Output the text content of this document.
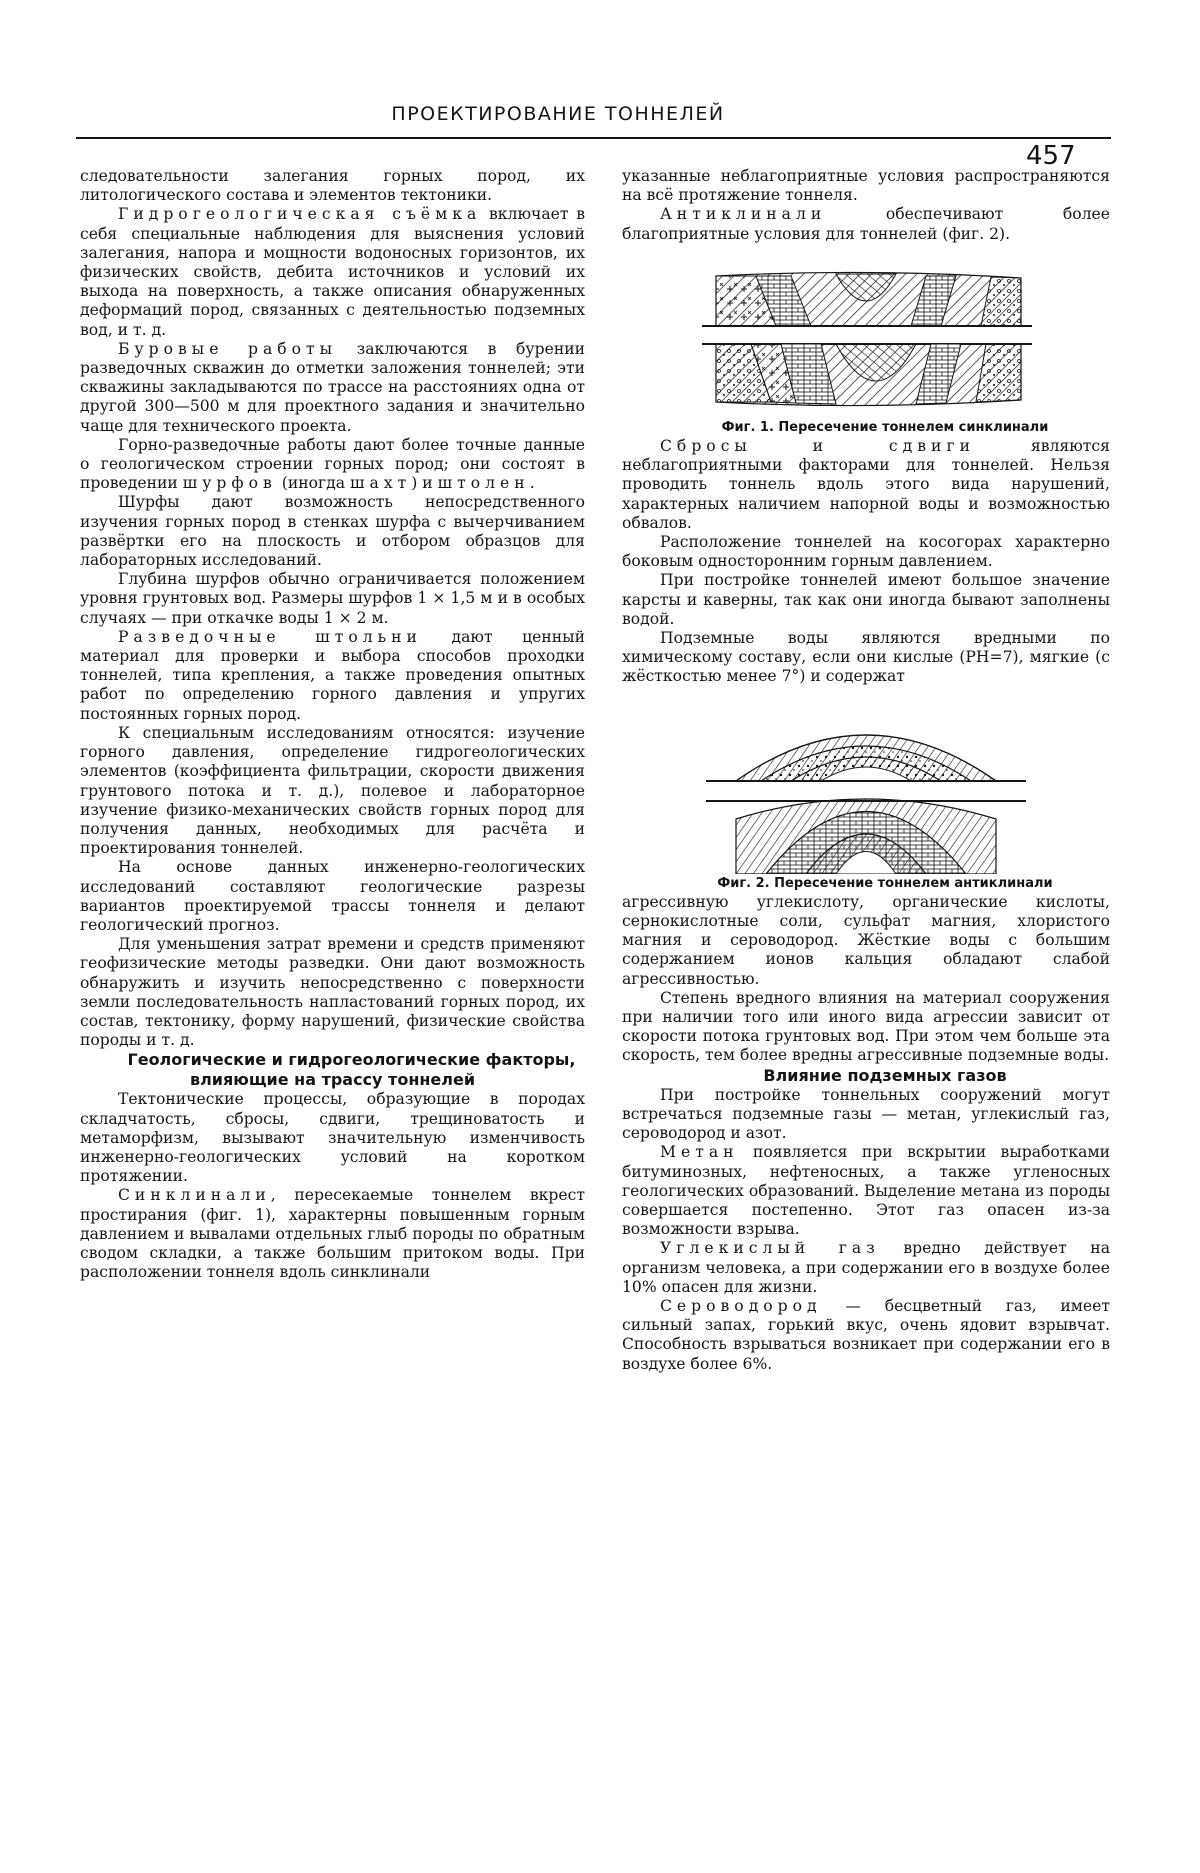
ПРОЕКТИРОВАНИЕ ТОННЕЛЕЙ
457

следовательности залегания горных пород, их литологического состава и элементов тектоники.

Гидрогеологическая съёмка включает в себя специальные наблюдения для выяснения условий залегания, напора и мощности водоносных горизонтов, их физических свойств, дебита источников и условий их выхода на поверхность, а также описания обнаруженных деформаций пород, связанных с деятельностью подземных вод, и т. д.

Буровые работы заключаются в бурении разведочных скважин до отметки заложения тоннелей; эти скважины закладываются по трассе на расстояниях одна от другой 300—500 м для проектного задания и значительно чаще для технического проекта.

Горно-разведочные работы дают более точные данные о геологическом строении горных пород; они состоят в проведении шурфов (иногда шахт) и штолен.

Шурфы дают возможность непосредственного изучения горных пород в стенках шурфа с вычерчиванием развёртки его на плоскость и отбором образцов для лабораторных исследований.

Глубина шурфов обычно ограничивается положением уровня грунтовых вод. Размеры шурфов 1 × 1,5 м и в особых случаях — при откачке воды 1 × 2 м.

Разведочные штольни дают ценный материал для проверки и выбора способов проходки тоннелей, типа крепления, а также проведения опытных работ по определению горного давления и упругих постоянных горных пород.

К специальным исследованиям относятся: изучение горного давления, определение гидрогеологических элементов (коэффициента фильтрации, скорости движения грунтового потока и т. д.), полевое и лабораторное изучение физико-механических свойств горных пород для получения данных, необходимых для расчёта и проектирования тоннелей.

На основе данных инженерно-геологических исследований составляют геологические разрезы вариантов проектируемой трассы тоннеля и делают геологический прогноз.

Для уменьшения затрат времени и средств применяют геофизические методы разведки. Они дают возможность обнаружить и изучить непосредственно с поверхности земли последовательность напластований горных пород, их состав, тектонику, форму нарушений, физические свойства породы и т. д.

Геологические и гидрогеологические факторы, влияющие на трассу тоннелей

Тектонические процессы, образующие в породах складчатость, сбросы, сдвиги, трещиноватость и метаморфизм, вызывают значительную изменчивость инженерно-геологических условий на коротком протяжении.

Синклинали, пересекаемые тоннелем вкрест простирания (фиг. 1), характерны повышенным горным давлением и вывалами отдельных глыб породы по обратным сводом складки, а также большим притоком воды. При расположении тоннеля вдоль синклинали

указанные неблагоприятные условия распространяются на всё протяжение тоннеля.

Антиклинали обеспечивают более благоприятные условия для тоннелей (фиг. 2).

Фиг. 1. Пересечение тоннелем синклинали

Сбросы и сдвиги являются неблагоприятными факторами для тоннелей. Нельзя проводить тоннель вдоль этого вида нарушений, характерных наличием напорной воды и возможностью обвалов.

Расположение тоннелей на косогорах характерно боковым односторонним горным давлением.

При постройке тоннелей имеют большое значение карсты и каверны, так как они иногда бывают заполнены водой.

Подземные воды являются вредными по химическому составу, если они кислые (PH=7), мягкие (с жёсткостью менее 7°) и содержат

Фиг. 2. Пересечение тоннелем антиклинали

агрессивную углекислоту, органические кислоты, сернокислотные соли, сульфат магния, хлористого магния и сероводород. Жёсткие воды с большим содержанием ионов кальция обладают слабой агрессивностью.

Степень вредного влияния на материал сооружения при наличии того или иного вида агрессии зависит от скорости потока грунтовых вод. При этом чем больше эта скорость, тем более вредны агрессивные подземные воды.

Влияние подземных газов

При постройке тоннельных сооружений могут встречаться подземные газы — метан, углекислый газ, сероводород и азот.

Метан появляется при вскрытии выработками битуминозных, нефтеносных, а также угленосных геологических образований. Выделение метана из породы совершается постепенно. Этот газ опасен из-за возможности взрыва.

Углекислый газ вредно действует на организм человека, а при содержании его в воздухе более 10% опасен для жизни.

Сероводород — бесцветный газ, имеет сильный запах, горький вкус, очень ядовит взрывчат. Способность взрываться возникает при содержании его в воздухе более 6%.
